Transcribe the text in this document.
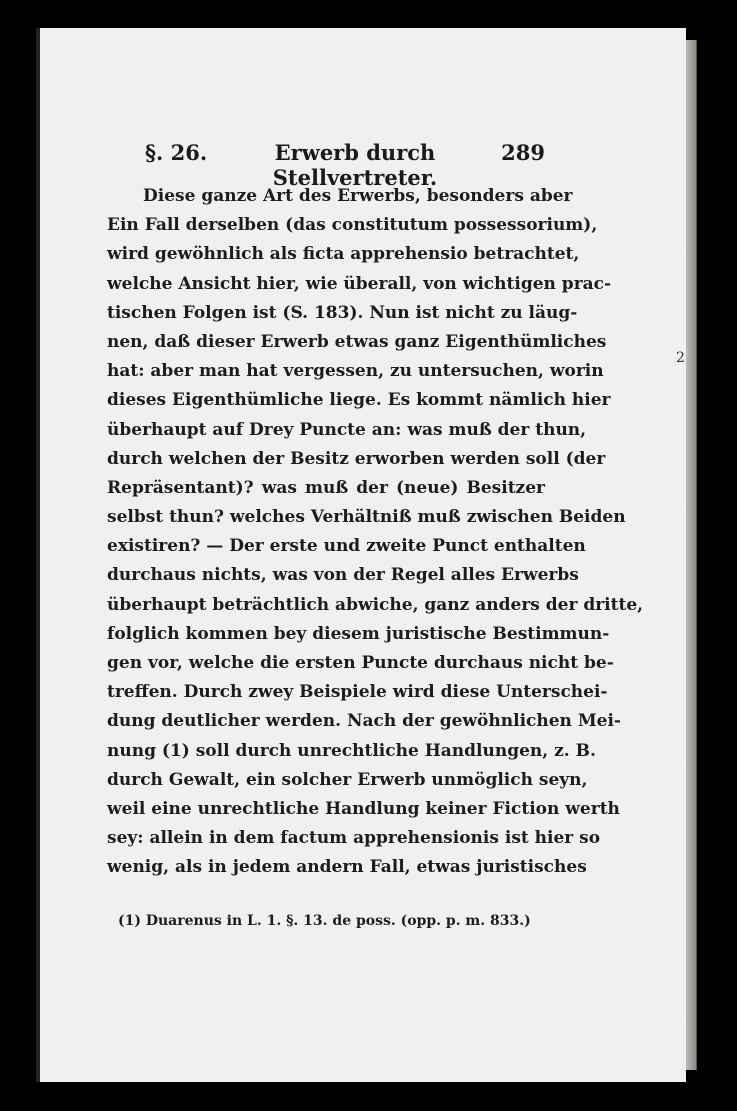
§. 26.	Erwerb durch Stellvertreter.
289
Diese ganze Art des Erwerbs, besonders aber
Ein Fall derselben (das constitutum possessorium),
wird gewöhnlich als ficta apprehensio betrachtet,
welche Ansicht hier, wie überall, von wichtigen prac-
tischen Folgen ist (S. 183). Nun ist nicht zu läug-
nen, daß dieser Erwerb etwas ganz Eigenthümliches
hat: aber man hat vergessen, zu untersuchen, worin
dieses Eigenthümliche liege. Es kommt nämlich hier
überhaupt auf Drey Puncte an: was muß der thun,
durch welchen der Besitz erworben werden soll (der
Repräsentant)? was muß der (neue) Besitzer
selbst thun? welches Verhältniß muß zwischen Beiden
existiren? — Der erste und zweite Punct enthalten
durchaus nichts, was von der Regel alles Erwerbs
überhaupt beträchtlich abwiche, ganz anders der dritte,
folglich kommen bey diesem juristische Bestimmun-
gen vor, welche die ersten Puncte durchaus nicht be-
treffen. Durch zwey Beispiele wird diese Unterschei-
dung deutlicher werden. Nach der gewöhnlichen Mei-
nung (1) soll durch unrechtliche Handlungen, z. B.
durch Gewalt, ein solcher Erwerb unmöglich seyn,
weil eine unrechtliche Handlung keiner Fiction werth
sey: allein in dem factum apprehensionis ist hier so
wenig, als in jedem andern Fall, etwas juristisches
(1) Duarenus in L. 1. §. 13. de poss. (opp. p. m. 833.)
2
